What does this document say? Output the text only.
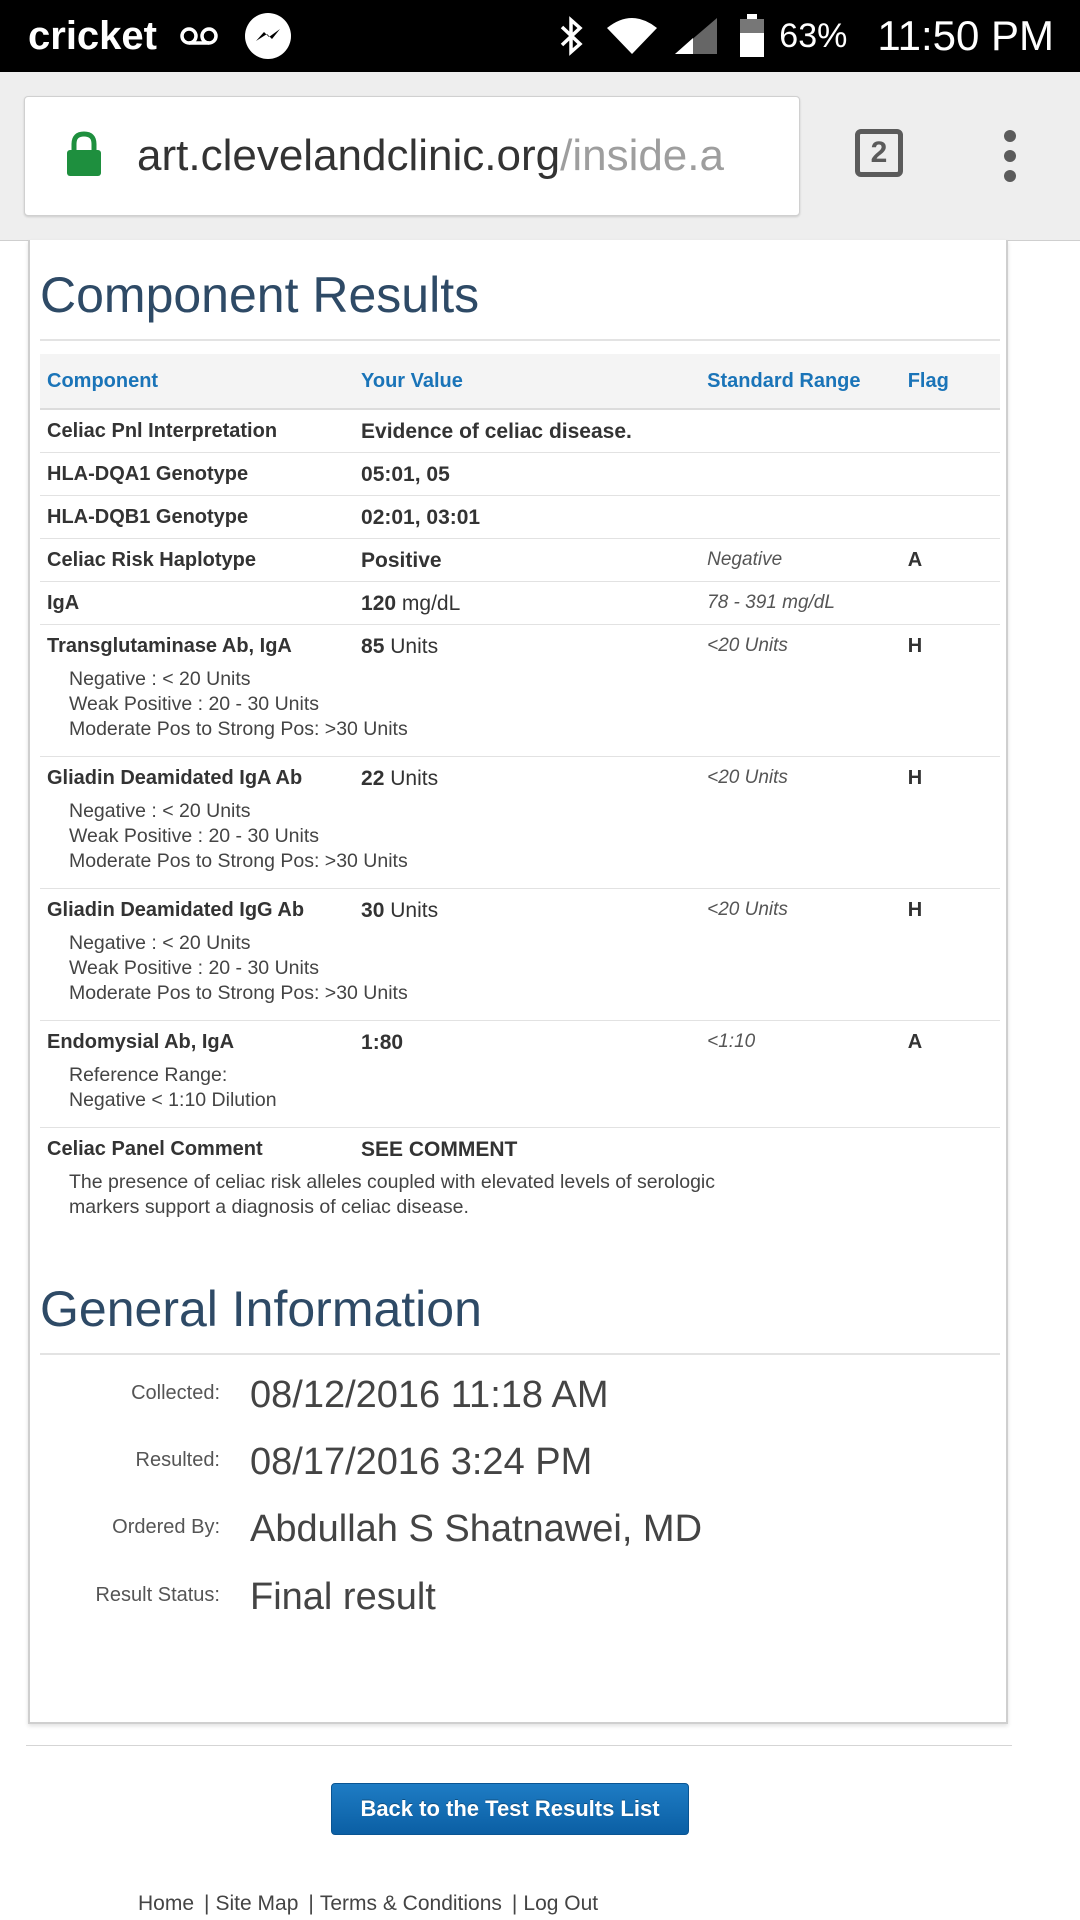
cricket	63% 11:50 PM
art.clevelandclinic.org/inside.a	2
Component Results
Component	Your Value	Standard Range	Flag
Celiac Pnl Interpretation	Evidence of celiac disease.		
HLA-DQA1 Genotype	05:01, 05		
HLA-DQB1 Genotype	02:01, 03:01		
Celiac Risk Haplotype	Positive	Negative	A
IgA	120 mg/dL	78 - 391 mg/dL	
Transglutaminase Ab, IgA	85 Units	<20 Units	H

Negative : < 20 Units
Weak Positive : 20 - 30 Units
Moderate Pos to Strong Pos: >30 Units			

Gliadin Deamidated IgA Ab	22 Units	<20 Units	H

Negative : < 20 Units
Weak Positive : 20 - 30 Units
Moderate Pos to Strong Pos: >30 Units			

Gliadin Deamidated IgG Ab	30 Units	<20 Units	H

Negative : < 20 Units
Weak Positive : 20 - 30 Units
Moderate Pos to Strong Pos: >30 Units			

Endomysial Ab, IgA	1:80	<1:10	A

Reference Range:
Negative < 1:10 Dilution			

Celiac Panel Comment	SEE COMMENT		

The presence of celiac risk alleles coupled with elevated levels of serologic
markers support a diagnosis of celiac disease.			
General Information
Collected: 08/12/2016 11:18 AM
Resulted: 08/17/2016 3:24 PM
Ordered By: Abdullah S Shatnawei, MD
Result Status: Final result
Back to the Test Results List
Home | Site Map | Terms & Conditions | Log Out
